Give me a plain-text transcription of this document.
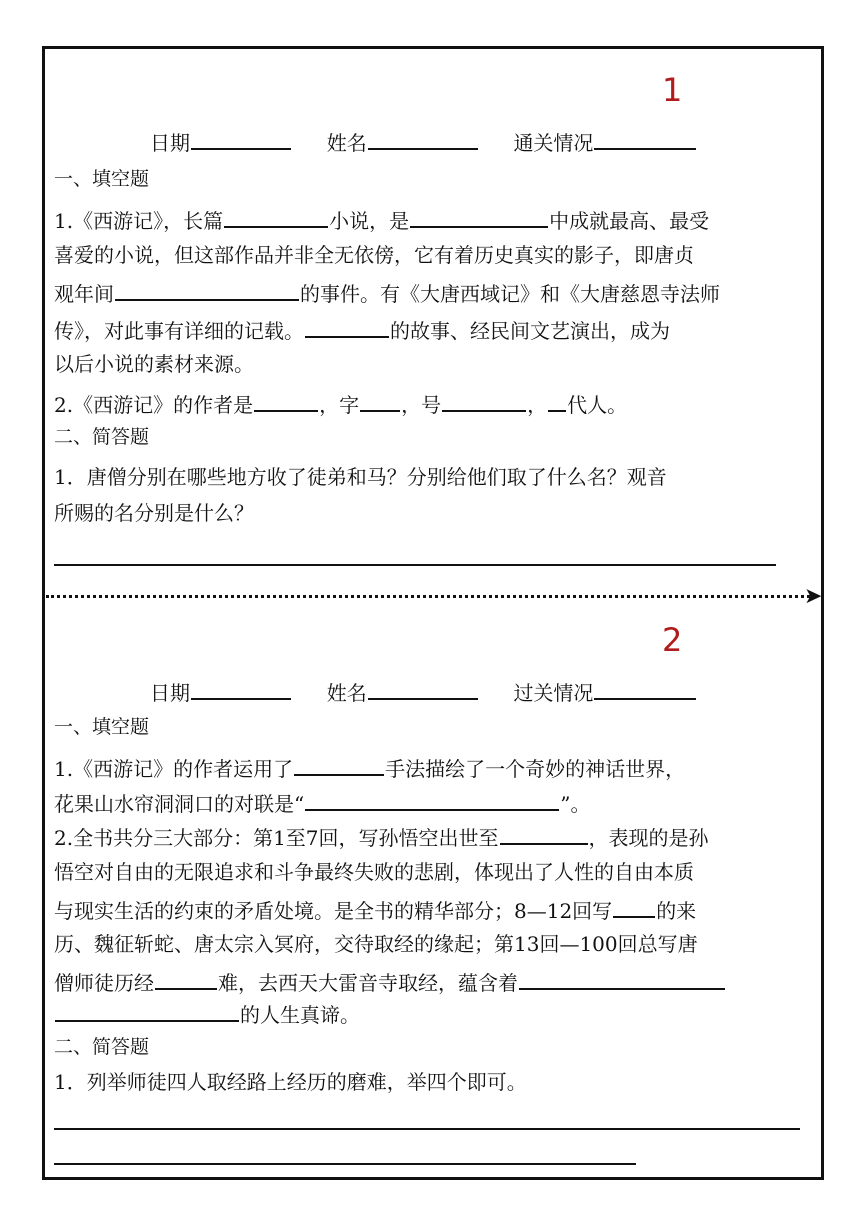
1
日期	姓名	通关情况
一、填空题
1.《西游记》，长篇	小说，是	中成就最高、最受
喜爱的小说，但这部作品并非全无依傍，它有着历史真实的影子，即唐贞
观年间	的事件。有《大唐西域记》和《大唐慈恩寺法师
传》，对此事有详细的记载。	的故事、经民间文艺演出，成为
以后小说的素材来源。
2.《西游记》的作者是	，字 ，号	， 代人。
二、简答题
1．唐僧分别在哪些地方收了徒弟和马？分别给他们取了什么名？观音
所赐的名分别是什么？
➤
2
日期	姓名	过关情况
一、填空题
1.《西游记》的作者运用了	手法描绘了一个奇妙的神话世界，
花果山水帘洞洞口的对联是“	”。
2.全书共分三大部分：第1至7回，写孙悟空出世至	，表现的是孙
悟空对自由的无限追求和斗争最终失败的悲剧，体现出了人性的自由本质
与现实生活的约束的矛盾处境。是全书的精华部分；8—12回写 的来
历、魏征斩蛇、唐太宗入冥府，交待取经的缘起；第13回—100回总写唐
僧师徒历经	难，去西天大雷音寺取经，蕴含着
的人生真谛。
二、简答题
1．列举师徒四人取经路上经历的磨难，举四个即可。
